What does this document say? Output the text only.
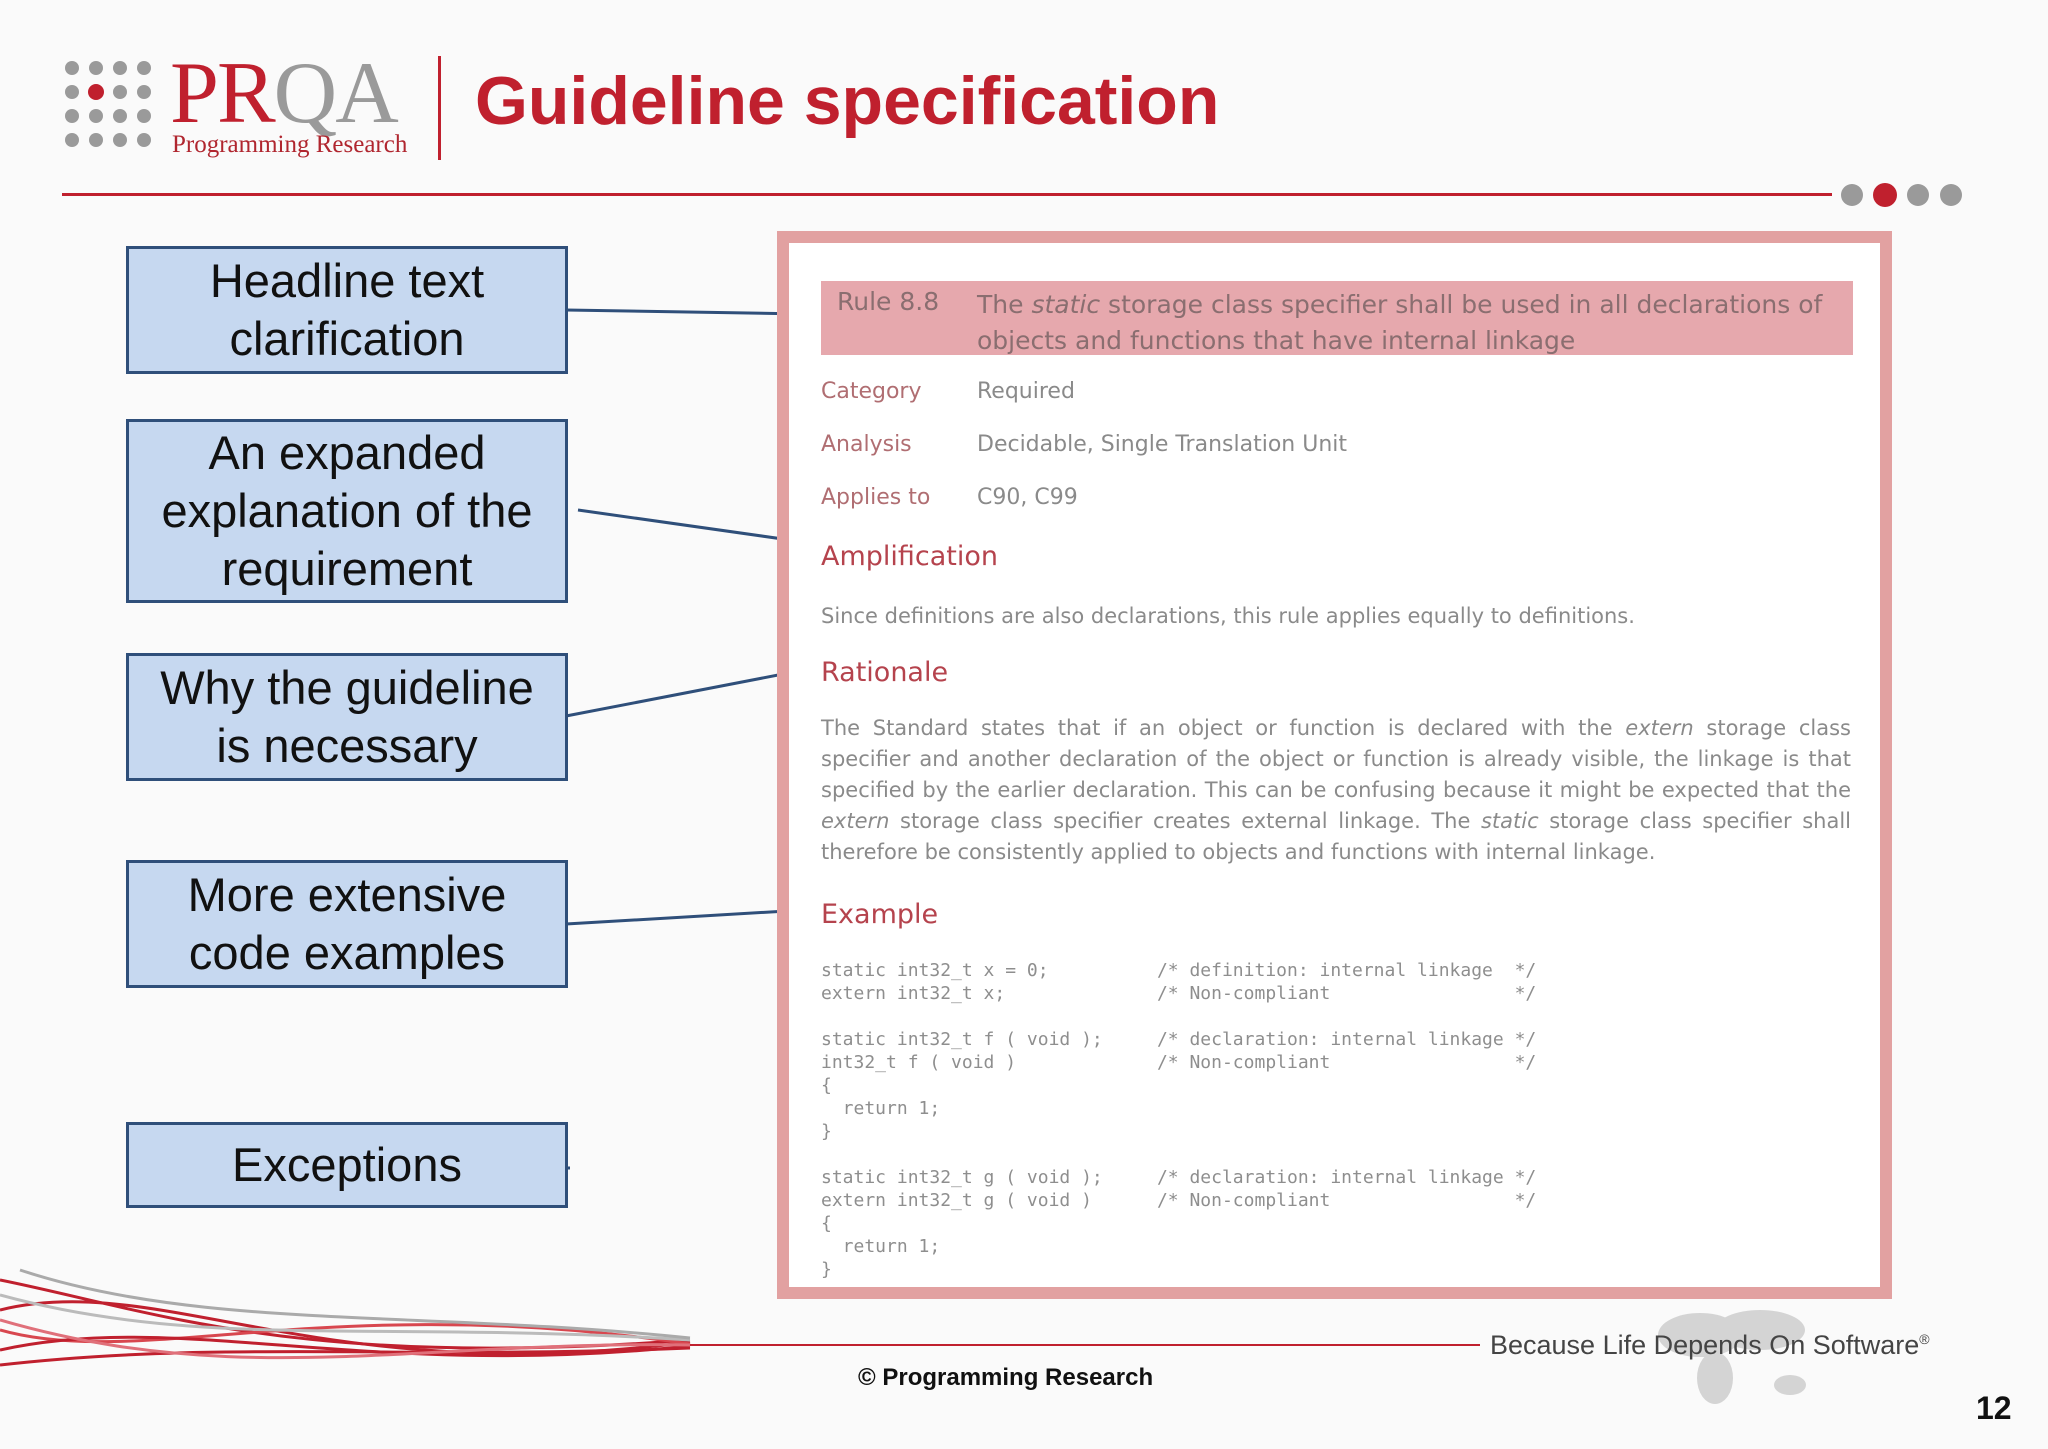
PRQA
Programming Research
Guideline specification
Headline text clarification
An expanded explanation of the requirement
Why the guideline is necessary
More extensive code examples
Exceptions
Rule 8.8 The static storage class specifier shall be used in all declarations of objects and functions that have internal linkage
Category	Required
Analysis	Decidable, Single Translation Unit
Applies to C90, C99
Amplification
Since definitions are also declarations, this rule applies equally to definitions.
Rationale
The Standard states that if an object or function is declared with the extern storage class specifier and another declaration of the object or function is already visible, the linkage is that specified by the earlier declaration. This can be confusing because it might be expected that the extern storage class specifier creates external linkage. The static storage class specifier shall therefore be consistently applied to objects and functions with internal linkage.
Example
static int32_t x = 0;          /* definition: internal linkage  */
extern int32_t x;              /* Non-compliant                 */
static int32_t f ( void );     /* declaration: internal linkage */
int32_t f ( void )             /* Non-compliant                 */
{
return 1;
}
static int32_t g ( void );     /* declaration: internal linkage */
extern int32_t g ( void )      /* Non-compliant                 */
{
return 1;
}
© Programming Research
Because Life Depends On Software®
12
